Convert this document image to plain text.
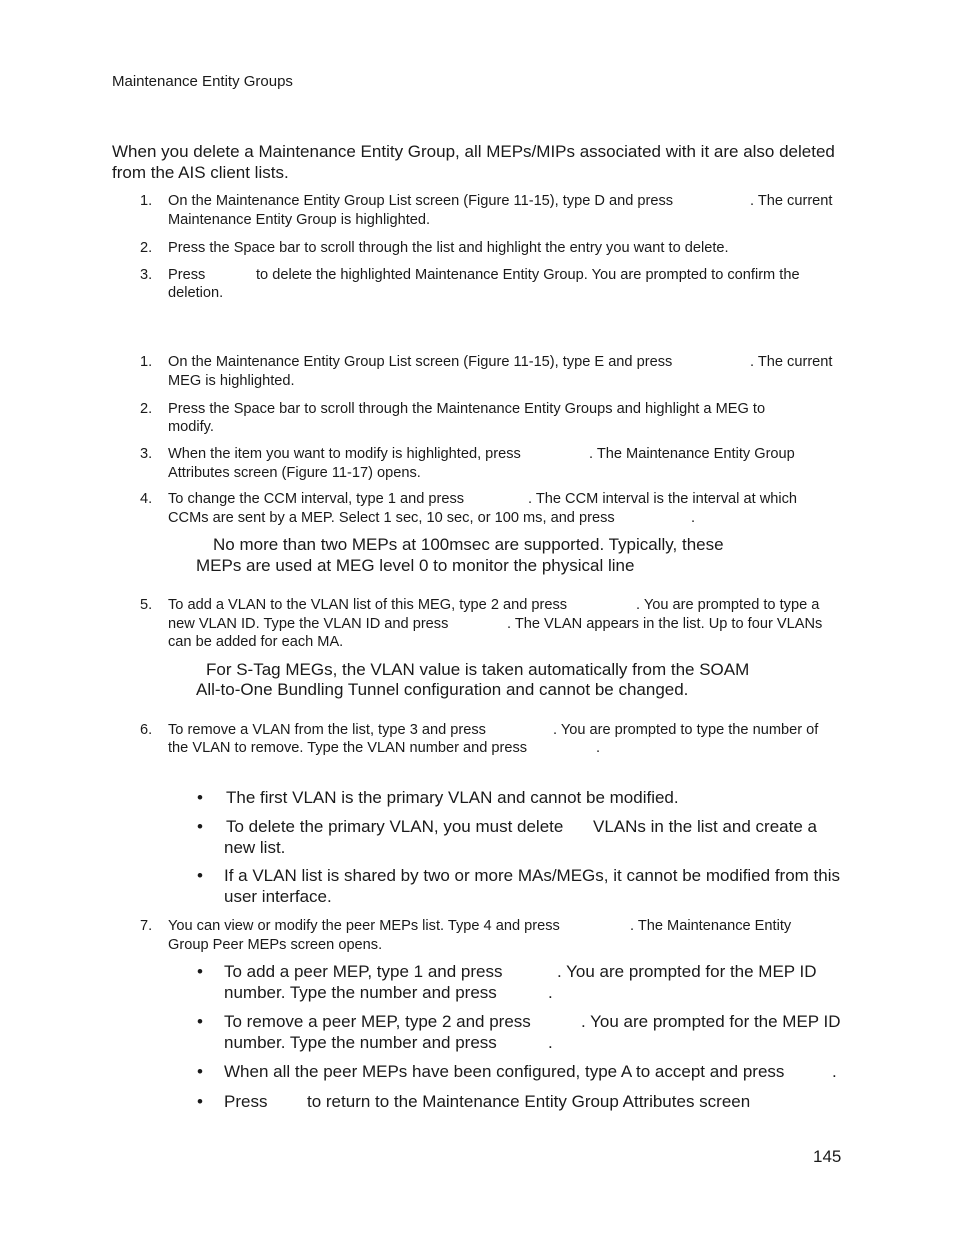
Maintenance Entity Groups
When you delete a Maintenance Entity Group, all MEPs/MIPs associated with it are also deleted
from the AIS client lists.
1. On the Maintenance Entity Group List screen (Figure 11-15), type D and press	. The current
Maintenance Entity Group is highlighted.
2. Press the Space bar to scroll through the list and highlight the entry you want to delete.
3. Press	to delete the highlighted Maintenance Entity Group. You are prompted to confirm the
deletion.
1. On the Maintenance Entity Group List screen (Figure 11-15), type E and press	. The current
MEG is highlighted.
2. Press the Space bar to scroll through the Maintenance Entity Groups and highlight a MEG to
modify.
3. When the item you want to modify is highlighted, press	. The Maintenance Entity Group
Attributes screen (Figure 11-17) opens.
4. To change the CCM interval, type 1 and press	. The CCM interval is the interval at which
CCMs are sent by a MEP. Select 1 sec, 10 sec, or 100 ms, and press	.
No more than two MEPs at 100msec are supported. Typically, these
MEPs are used at MEG level 0 to monitor the physical line
5. To add a VLAN to the VLAN list of this MEG, type 2 and press	. You are prompted to type a
new VLAN ID. Type the VLAN ID and press	. The VLAN appears in the list. Up to four VLANs
can be added for each MA.
For S-Tag MEGs, the VLAN value is taken automatically from the SOAM
All-to-One Bundling Tunnel configuration and cannot be changed.
6. To remove a VLAN from the list, type 3 and press	. You are prompted to type the number of
the VLAN to remove. Type the VLAN number and press	.
• The first VLAN is the primary VLAN and cannot be modified.
• To delete the primary VLAN, you must delete VLANs in the list and create a
new list.
• If a VLAN list is shared by two or more MAs/MEGs, it cannot be modified from this
user interface.
7. You can view or modify the peer MEPs list. Type 4 and press	. The Maintenance Entity
Group Peer MEPs screen opens.
• To add a peer MEP, type 1 and press	. You are prompted for the MEP ID
number. Type the number and press	.
• To remove a peer MEP, type 2 and press	. You are prompted for the MEP ID
number. Type the number and press	.
• When all the peer MEPs have been configured, type A to accept and press	.
• Press to return to the Maintenance Entity Group Attributes screen
145
